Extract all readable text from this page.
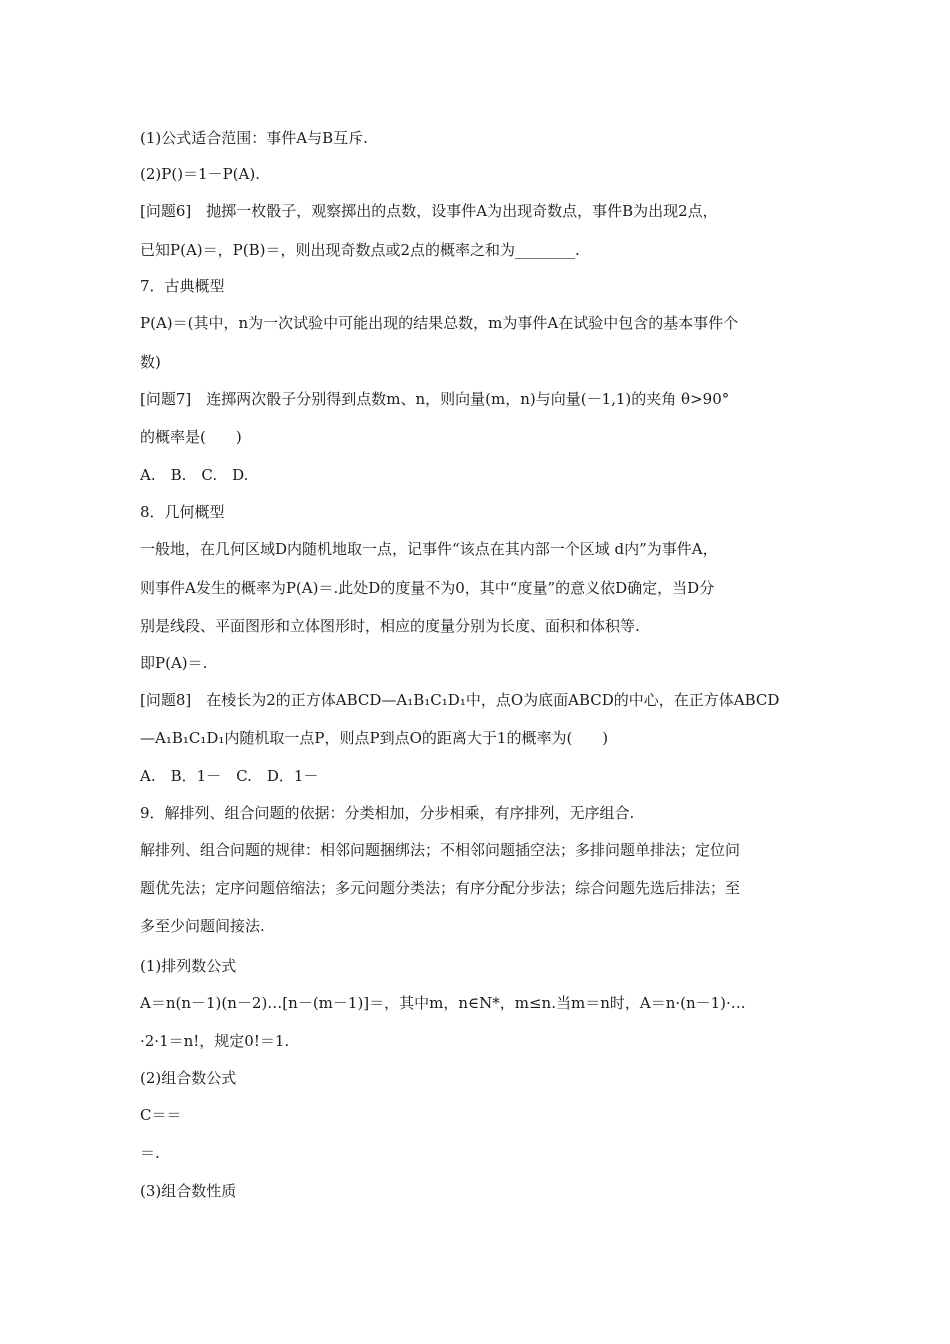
(1)公式适合范围：事件A与B互斥.
(2)P()＝1－P(A).
[问题6]　抛掷一枚骰子，观察掷出的点数，设事件A为出现奇数点，事件B为出现2点，
已知P(A)＝，P(B)＝，则出现奇数点或2点的概率之和为________.
7．古典概型
P(A)＝(其中，n为一次试验中可能出现的结果总数，m为事件A在试验中包含的基本事件个
数)
[问题7]　连掷两次骰子分别得到点数m、n，则向量(m，n)与向量(－1,1)的夹角 θ>90°
的概率是(　　)
A.　B.　C.　D.
8．几何概型
一般地，在几何区域D内随机地取一点，记事件“该点在其内部一个区域 d内”为事件A，
则事件A发生的概率为P(A)＝.此处D的度量不为0，其中“度量”的意义依D确定，当D分
别是线段、平面图形和立体图形时，相应的度量分别为长度、面积和体积等.
即P(A)＝.
[问题8]　在棱长为2的正方体ABCD—A₁B₁C₁D₁中，点O为底面ABCD的中心，在正方体ABCD
—A₁B₁C₁D₁内随机取一点P，则点P到点O的距离大于1的概率为(　　)
A.　B．1－　C.　D．1－
9．解排列、组合问题的依据：分类相加，分步相乘，有序排列，无序组合.
解排列、组合问题的规律：相邻问题捆绑法；不相邻问题插空法；多排问题单排法；定位问
题优先法；定序问题倍缩法；多元问题分类法；有序分配分步法；综合问题先选后排法；至
多至少问题间接法.
(1)排列数公式
A＝n(n－1)(n－2)…[n－(m－1)]＝，其中m，n∈N*，m≤n.当m＝n时，A＝n·(n－1)·…
·2·1＝n!，规定0!＝1.
(2)组合数公式
C＝＝
＝.
(3)组合数性质
